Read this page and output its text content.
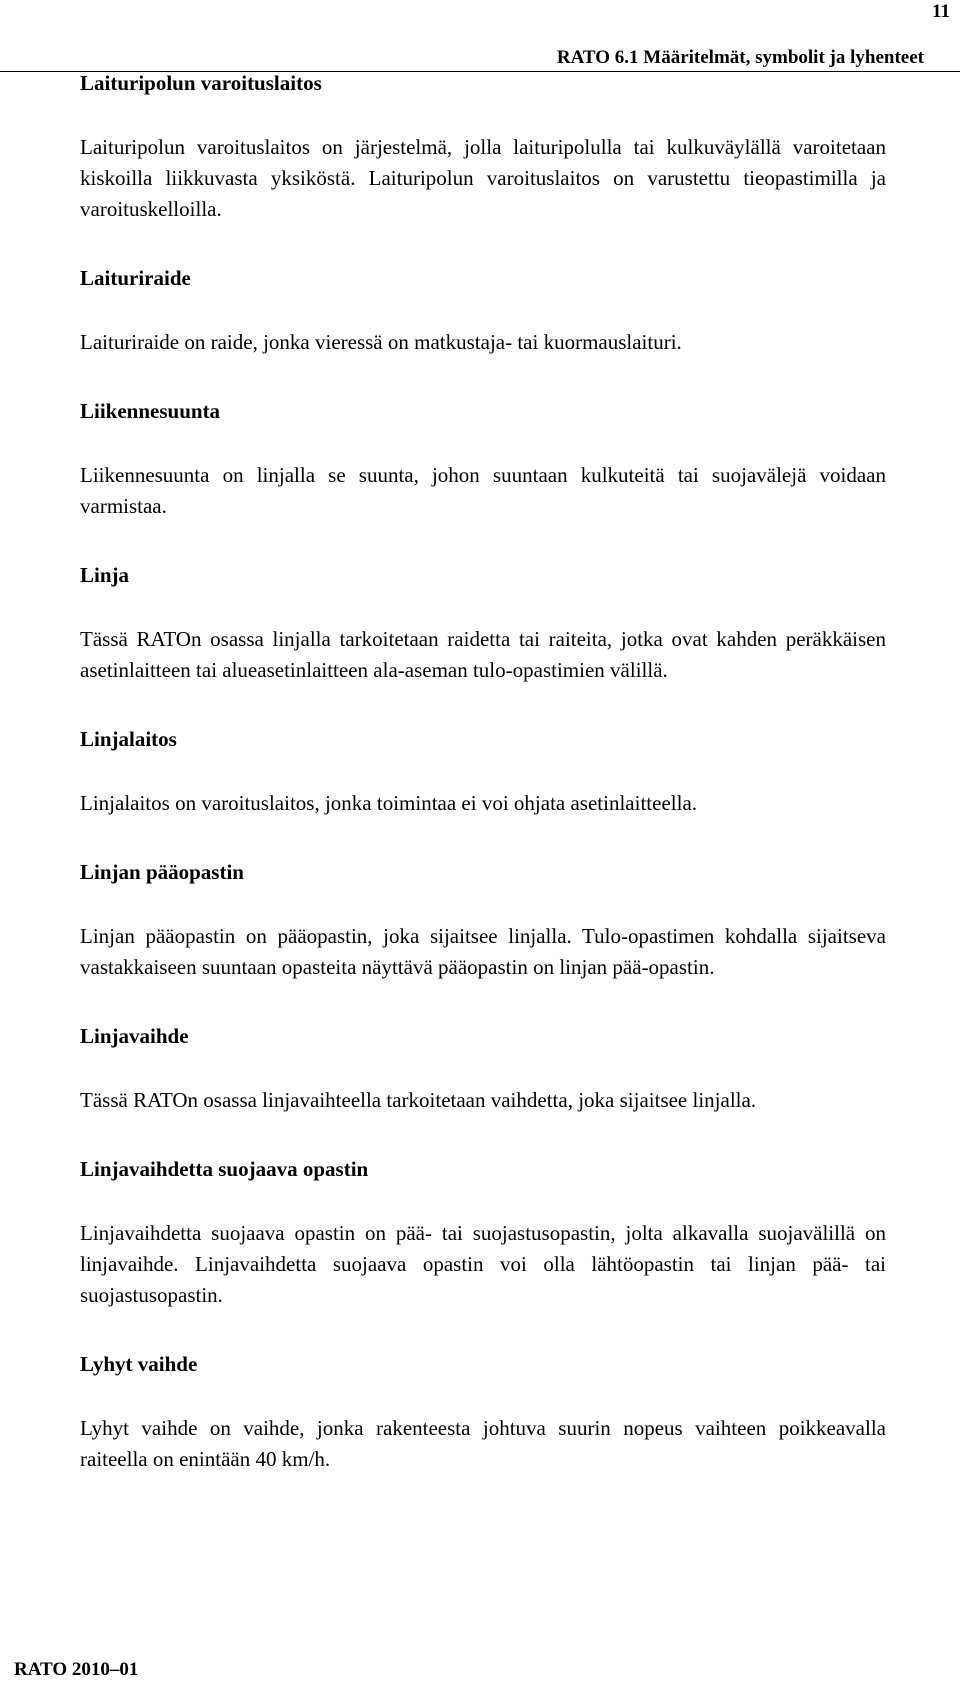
11
RATO 6.1 Määritelmät, symbolit ja lyhenteet
Laituripolun varoituslaitos
Laituripolun varoituslaitos on järjestelmä, jolla laituripolulla tai kulkuväylällä varoitetaan kiskoilla liikkuvasta yksiköstä. Laituripolun varoituslaitos on varustettu tieopastimilla ja varoituskelloilla.
Laituriraide
Laituriraide on raide, jonka vieressä on matkustaja- tai kuormauslaituri.
Liikennesuunta
Liikennesuunta on linjalla se suunta, johon suuntaan kulkuteitä tai suojavälejä voidaan varmistaa.
Linja
Tässä RATOn osassa linjalla tarkoitetaan raidetta tai raiteita, jotka ovat kahden peräkkäisen asetinlaitteen tai alueasetinlaitteen ala-aseman tulo-opastimien välillä.
Linjalaitos
Linjalaitos on varoituslaitos, jonka toimintaa ei voi ohjata asetinlaitteella.
Linjan pääopastin
Linjan pääopastin on pääopastin, joka sijaitsee linjalla. Tulo-opastimen kohdalla sijaitseva vastakkaiseen suuntaan opasteita näyttävä pääopastin on linjan pää-opastin.
Linjavaihde
Tässä RATOn osassa linjavaihteella tarkoitetaan vaihdetta, joka sijaitsee linjalla.
Linjavaihdetta suojaava opastin
Linjavaihdetta suojaava opastin on pää- tai suojastusopastin, jolta alkavalla suojavälillä on linjavaihde. Linjavaihdetta suojaava opastin voi olla lähtöopastin tai linjan pää- tai suojastusopastin.
Lyhyt vaihde
Lyhyt vaihde on vaihde, jonka rakenteesta johtuva suurin nopeus vaihteen poikkeavalla raiteella on enintään 40 km/h.
RATO 2010–01
